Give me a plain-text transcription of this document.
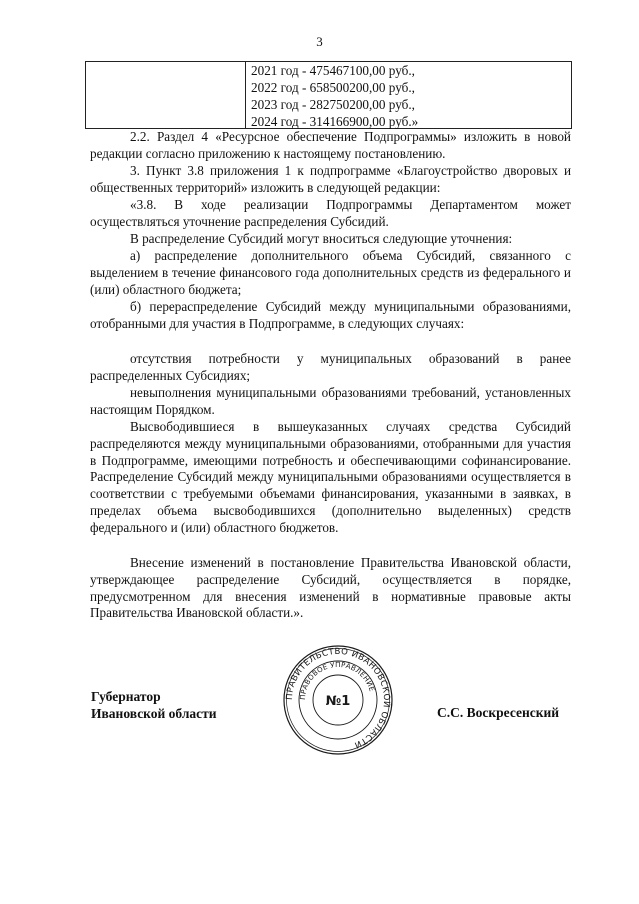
3
2021 год - 475467100,00 руб.,
2022 год - 658500200,00 руб.,
2023 год - 282750200,00 руб.,
2024 год - 314166900,00 руб.»

2.2. Раздел 4 «Ресурсное обеспечение Подпрограммы» изложить в новой редакции согласно приложению к настоящему постановлению.

3. Пункт 3.8 приложения 1 к подпрограмме «Благоустройство дворовых и общественных территорий» изложить в следующей редакции:

«3.8. В ходе реализации Подпрограммы Департаментом может осуществляться уточнение распределения Субсидий.

В распределение Субсидий могут вноситься следующие уточнения:

а) распределение дополнительного объема Субсидий, связанного с выделением в течение финансового года дополнительных средств из федерального и (или) областного бюджета;

б) перераспределение Субсидий между муниципальными образованиями, отобранными для участия в Подпрограмме, в следующих случаях:

отсутствия потребности у муниципальных образований в ранее распределенных Субсидиях;

невыполнения муниципальными образованиями требований, установленных настоящим Порядком.

Высвободившиеся в вышеуказанных случаях средства Субсидий распределяются между муниципальными образованиями, отобранными для участия в Подпрограмме, имеющими потребность и обеспечивающими софинансирование. Распределение Субсидий между муниципальными образованиями осуществляется в соответствии с требуемыми объемами финансирования, указанными в заявках, в пределах объема высвободившихся (дополнительно выделенных) средств федерального и (или) областного бюджетов.

Внесение изменений в постановление Правительства Ивановской области, утверждающее распределение Субсидий, осуществляется в порядке, предусмотренном для внесения изменений в нормативные правовые акты Правительства Ивановской области.».

Губернатор
Ивановской области
ПРАВИТЕЛЬСТВО ИВАНОВСКОЙ ОБЛАСТИ
ПРАВОВОЕ УПРАВЛЕНИЕ
№1
С.С. Воскресенский
